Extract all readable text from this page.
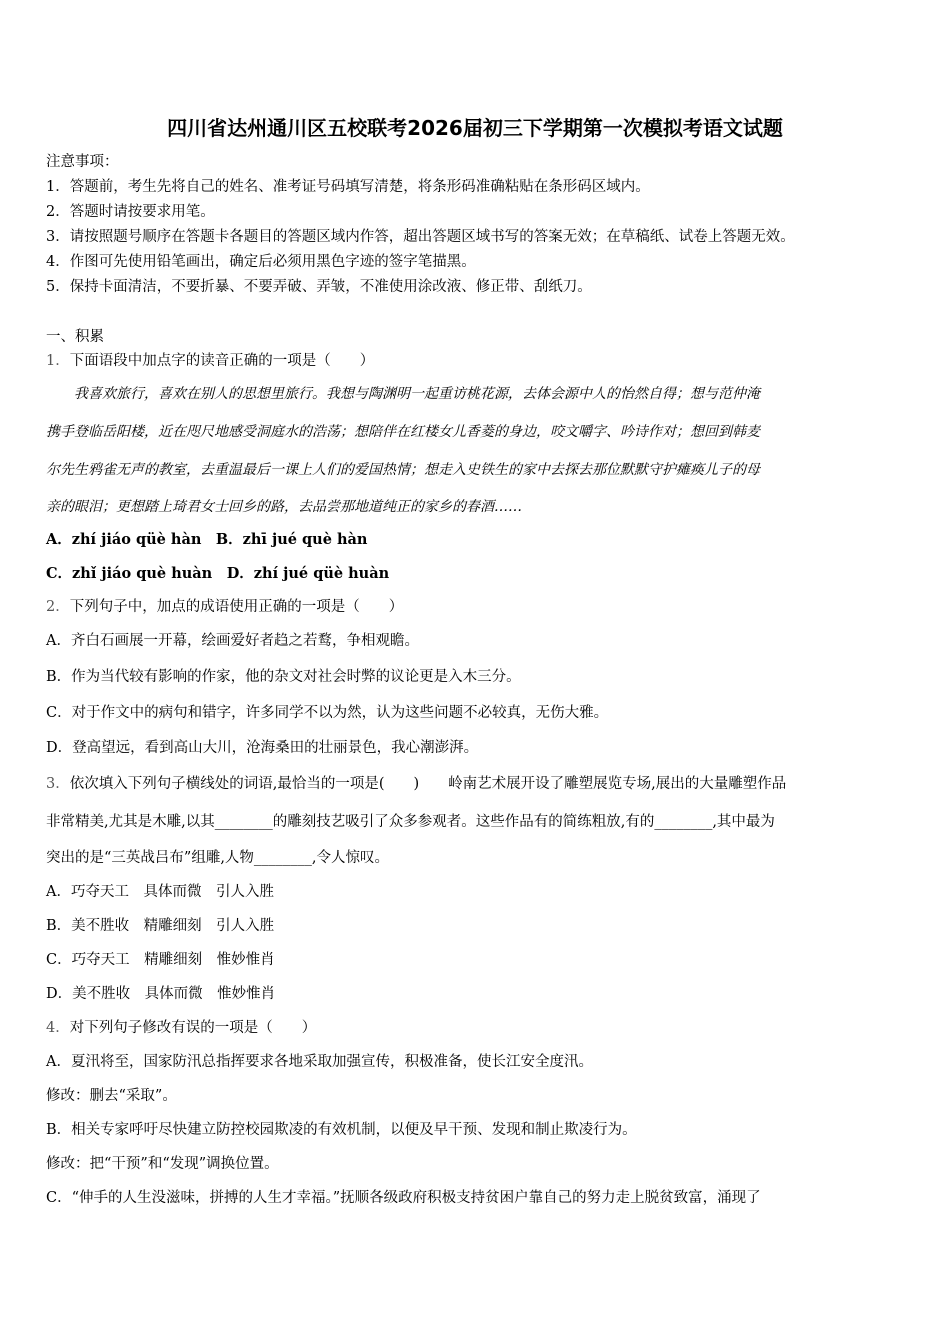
四川省达州通川区五校联考2026届初三下学期第一次模拟考语文试题
注意事项：
1．答题前，考生先将自己的姓名、准考证号码填写清楚，将条形码准确粘贴在条形码区域内。
2．答题时请按要求用笔。
3．请按照题号顺序在答题卡各题目的答题区域内作答，超出答题区域书写的答案无效；在草稿纸、试卷上答题无效。
4．作图可先使用铅笔画出，确定后必须用黑色字迹的签字笔描黑。
5．保持卡面清洁，不要折暴、不要弄破、弄皱，不准使用涂改液、修正带、刮纸刀。
一、积累
1．下面语段中加点字的读音正确的一项是（　　）
　　我喜欢旅行，喜欢在别人的思想里旅行。我想与陶渊明一起重访桃花源，去体会源中人的怡然自得；想与范仲淹
携手登临岳阳楼，近在咫尺地感受洞庭水的浩荡；想陪伴在红楼女儿香菱的身边，咬文嚼字、吟诗作对；想回到韩麦
尔先生鸦雀无声的教室，去重温最后一课上人们的爱国热情；想走入史铁生的家中去探去那位默默守护瘫痪儿子的母
亲的眼泪；更想踏上琦君女士回乡的路，去品尝那地道纯正的家乡的春酒……
A．zhí jiáo qüè hàn　B．zhī jué què hàn
C．zhǐ jiáo què huàn　D．zhí jué qüè huàn
2．下列句子中，加点的成语使用正确的一项是（　　）
A．齐白石画展一开幕，绘画爱好者趋之若鹜，争相观瞻。
B．作为当代较有影响的作家，他的杂文对社会时弊的议论更是入木三分。
C．对于作文中的病句和错字，许多同学不以为然，认为这些问题不必较真，无伤大雅。
D．登高望远，看到高山大川，沧海桑田的壮丽景色，我心潮澎湃。
3．依次填入下列句子横线处的词语,最恰当的一项是(　　)　　岭南艺术展开设了雕塑展览专场,展出的大量雕塑作品
非常精美,尤其是木雕,以其________的雕刻技艺吸引了众多参观者。这些作品有的简练粗放,有的________,其中最为
突出的是“三英战吕布”组雕,人物________,令人惊叹。
A．巧夺天工　具体而微　引人入胜
B．美不胜收　精雕细刻　引人入胜
C．巧夺天工　精雕细刻　惟妙惟肖
D．美不胜收　具体而微　惟妙惟肖
4．对下列句子修改有误的一项是（　　）
A．夏汛将至，国家防汛总指挥要求各地采取加强宣传，积极准备，使长江安全度汛。
修改：删去“采取”。
B．相关专家呼吁尽快建立防控校园欺凌的有效机制，以便及早干预、发现和制止欺凌行为。
修改：把“干预”和“发现”调换位置。
C．“伸手的人生没滋味，拼搏的人生才幸福。”抚顺各级政府积极支持贫困户靠自己的努力走上脱贫致富，涌现了
